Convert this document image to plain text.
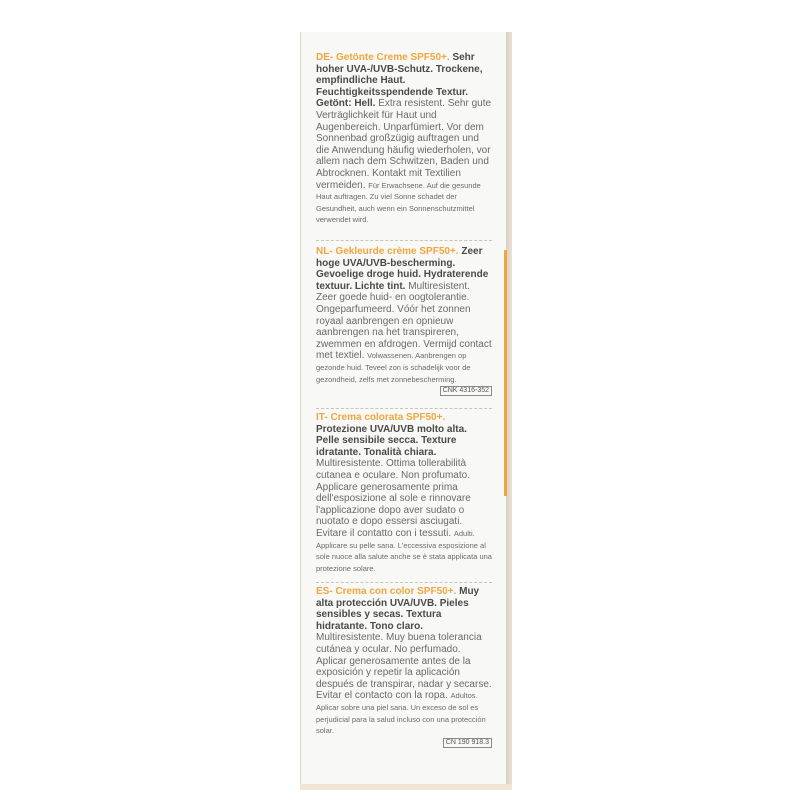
DE- Getönte Creme SPF50+. Sehr hoher UVA-/UVB-Schutz. Trockene, empfindliche Haut. Feuchtigkeitsspendende Textur. Getönt: Hell. Extra resistent. Sehr gute Verträglichkeit für Haut und Augenbereich. Unparfümiert. Vor dem Sonnenbad großzügig auftragen und die Anwendung häufig wiederholen, vor allem nach dem Schwitzen, Baden und Abtrocknen. Kontakt mit Textilien vermeiden. Für Erwachsene. Auf die gesunde Haut auftragen. Zu viel Sonne schadet der Gesundheit, auch wenn ein Sonnenschutzmittel verwendet wird.
NL- Gekleurde crème SPF50+. Zeer hoge UVA/UVB-bescherming. Gevoelige droge huid. Hydraterende textuur. Lichte tint. Multiresistent. Zeer goede huid- en oogtolerantie. Ongeparfumeerd. Vóór het zonnen royaal aanbrengen en opnieuw aanbrengen na het transpireren, zwemmen en afdrogen. Vermijd contact met textiel. Volwassenen. Aanbrengen op gezonde huid. Teveel zon is schadelijk voor de gezondheid, zelfs met zonnebescherming.
CNK 4316-352
IT- Crema colorata SPF50+. Protezione UVA/UVB molto alta. Pelle sensibile secca. Texture idratante. Tonalità chiara. Multiresistente. Ottima tollerabilità cutanea e oculare. Non profumato. Applicare generosamente prima dell'esposizione al sole e rinnovare l'applicazione dopo aver sudato o nuotato e dopo essersi asciugati. Evitare il contatto con i tessuti. Adulti. Applicare su pelle sana. L'eccessiva esposizione al sole nuoce alla salute anche se è stata applicata una protezione solare.
ES- Crema con color SPF50+. Muy alta protección UVA/UVB. Pieles sensibles y secas. Textura hidratante. Tono claro. Multiresistente. Muy buena tolerancia cutánea y ocular. No perfumado. Aplicar generosamente antes de la exposición y repetir la aplicación después de transpirar, nadar y secarse. Evitar el contacto con la ropa. Adultos. Aplicar sobre una piel sana. Un exceso de sol es perjudicial para la salud incluso con una protección solar.
CN 190 918.3
